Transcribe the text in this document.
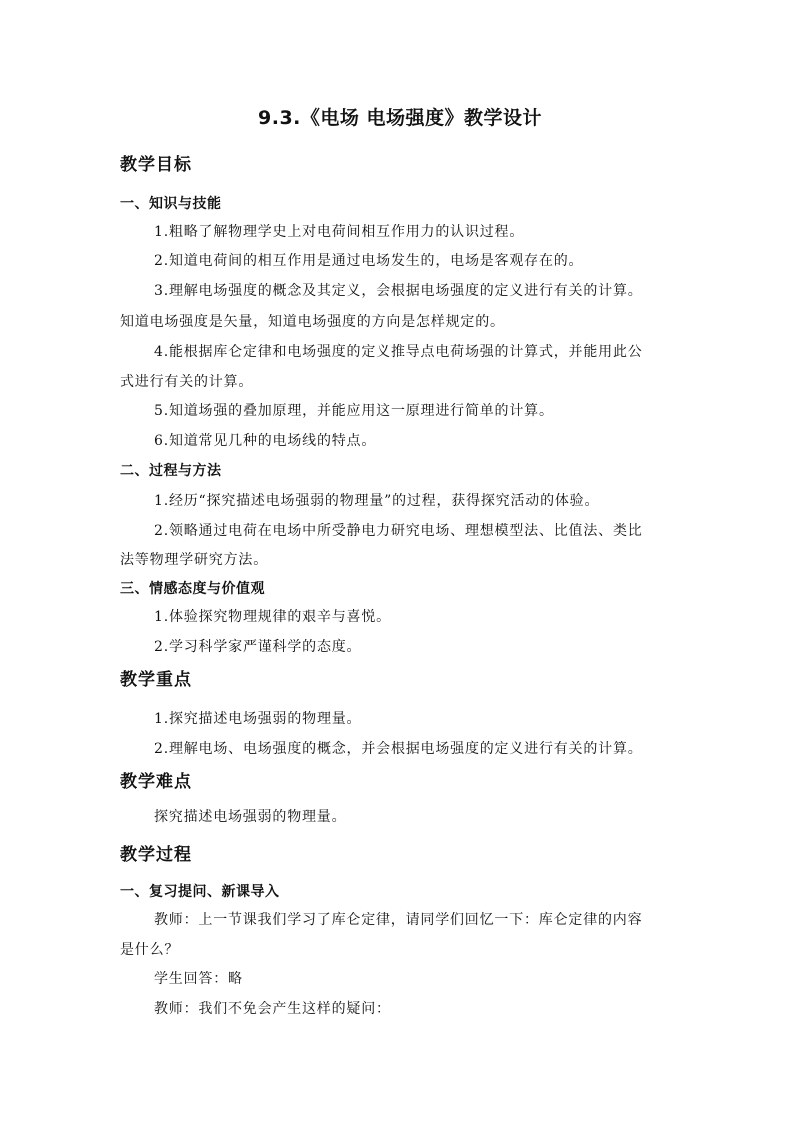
9.3.《电场 电场强度》教学设计
教学目标
一、知识与技能
1.粗略了解物理学史上对电荷间相互作用力的认识过程。
2.知道电荷间的相互作用是通过电场发生的，电场是客观存在的。
3.理解电场强度的概念及其定义，会根据电场强度的定义进行有关的计算。
知道电场强度是矢量，知道电场强度的方向是怎样规定的。
4.能根据库仑定律和电场强度的定义推导点电荷场强的计算式，并能用此公
式进行有关的计算。
5.知道场强的叠加原理，并能应用这一原理进行简单的计算。
6.知道常见几种的电场线的特点。
二、过程与方法
1.经历“探究描述电场强弱的物理量”的过程，获得探究活动的体验。
2.领略通过电荷在电场中所受静电力研究电场、理想模型法、比值法、类比
法等物理学研究方法。
三、情感态度与价值观
1.体验探究物理规律的艰辛与喜悦。
2.学习科学家严谨科学的态度。
教学重点
1.探究描述电场强弱的物理量。
2.理解电场、电场强度的概念，并会根据电场强度的定义进行有关的计算。
教学难点
探究描述电场强弱的物理量。
教学过程
一、复习提问、新课导入
教师：上一节课我们学习了库仑定律，请同学们回忆一下：库仑定律的内容
是什么？
学生回答：略
教师：我们不免会产生这样的疑问：
